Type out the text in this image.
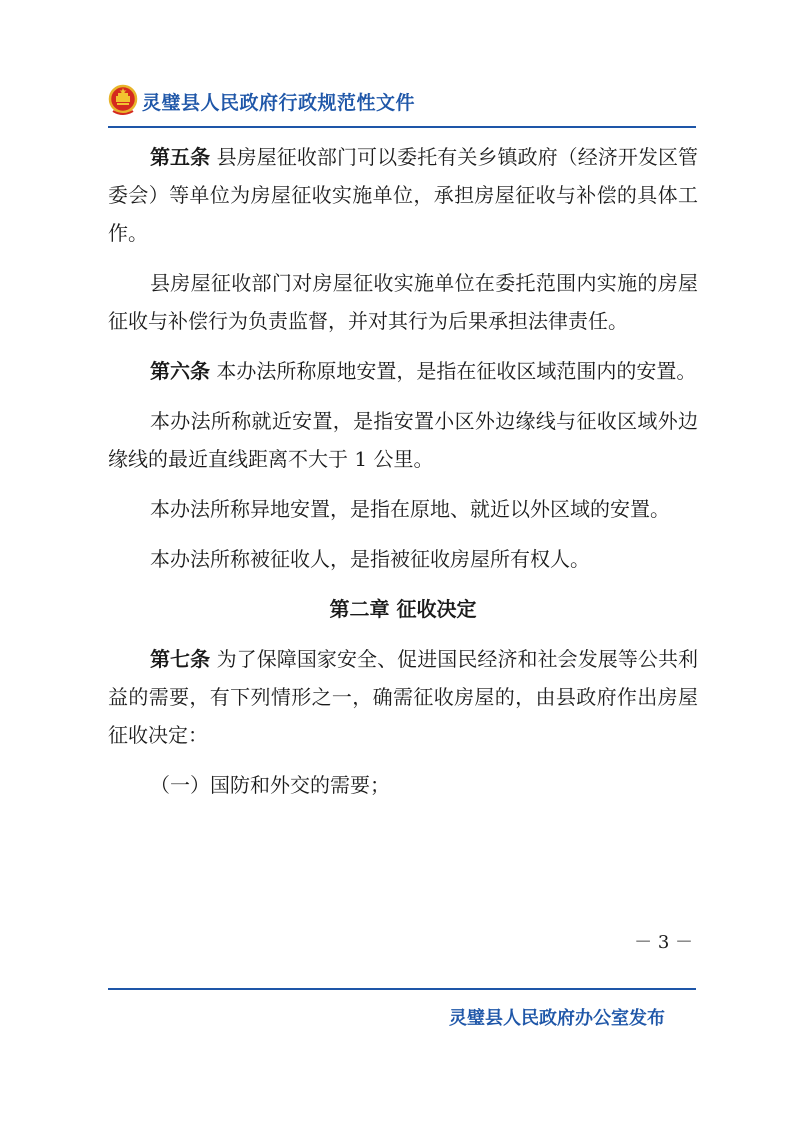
灵璧县人民政府行政规范性文件

第五条 县房屋征收部门可以委托有关乡镇政府（经济开发区管委会）等单位为房屋征收实施单位，承担房屋征收与补偿的具体工作。

县房屋征收部门对房屋征收实施单位在委托范围内实施的房屋征收与补偿行为负责监督，并对其行为后果承担法律责任。

第六条 本办法所称原地安置，是指在征收区域范围内的安置。

本办法所称就近安置，是指安置小区外边缘线与征收区域外边缘线的最近直线距离不大于 1 公里。

本办法所称异地安置，是指在原地、就近以外区域的安置。

本办法所称被征收人，是指被征收房屋所有权人。

第二章 征收决定

第七条 为了保障国家安全、促进国民经济和社会发展等公共利益的需要，有下列情形之一，确需征收房屋的，由县政府作出房屋征收决定：

（一）国防和外交的需要；

－ 3 －
灵璧县人民政府办公室发布
